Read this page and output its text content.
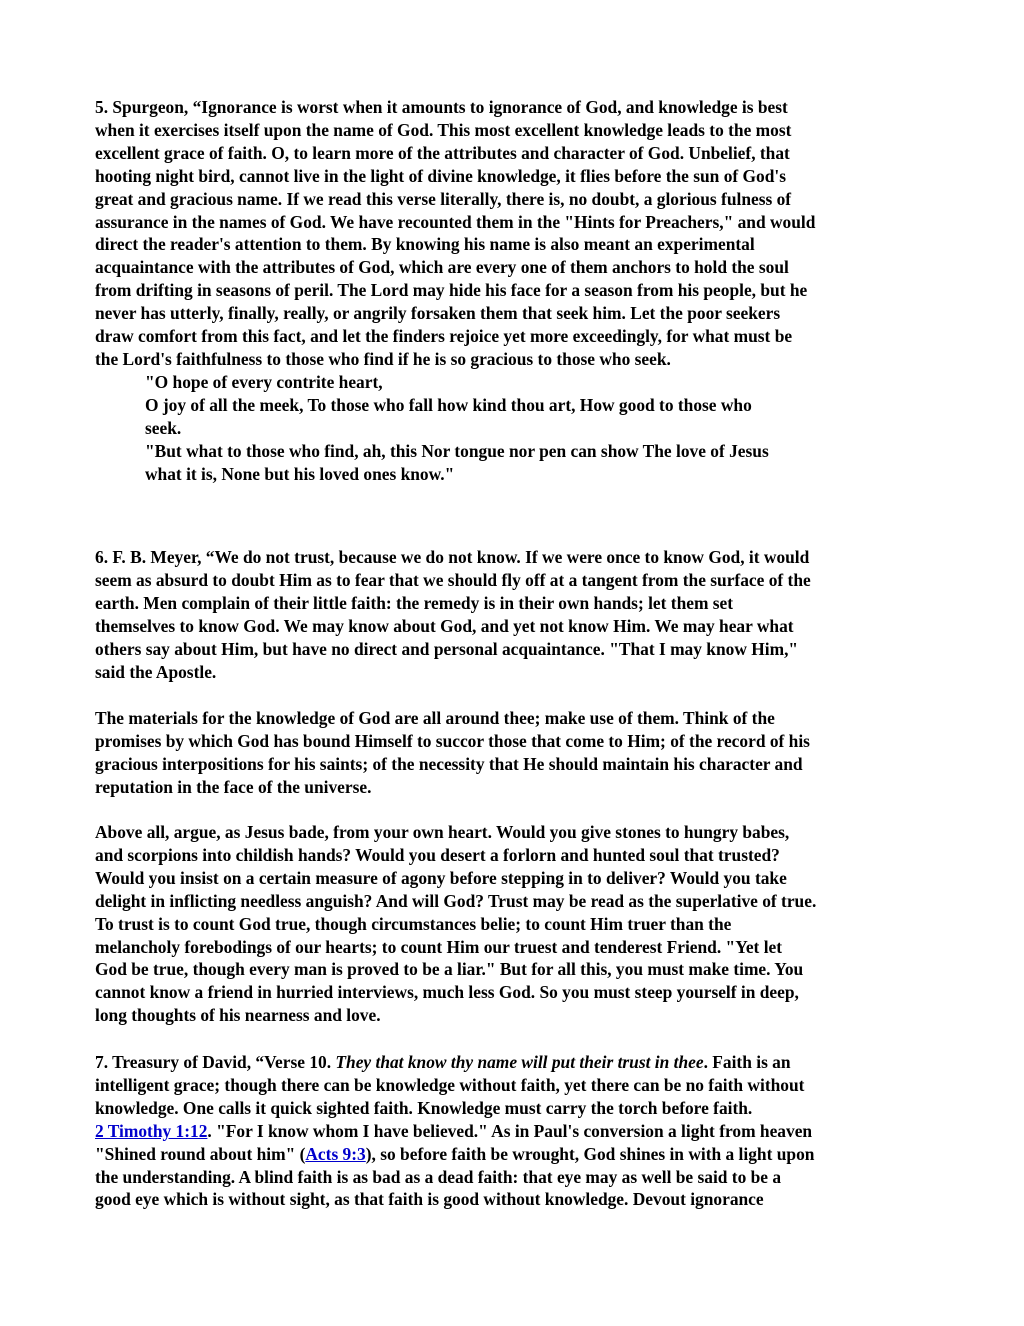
5. Spurgeon, “Ignorance is worst when it amounts to ignorance of God, and knowledge is best
when it exercises itself upon the name of God. This most excellent knowledge leads to the most
excellent grace of faith. O, to learn more of the attributes and character of God. Unbelief, that
hooting night bird, cannot live in the light of divine knowledge, it flies before the sun of God's
great and gracious name. If we read this verse literally, there is, no doubt, a glorious fulness of
assurance in the names of God. We have recounted them in the "Hints for Preachers," and would
direct the reader's attention to them. By knowing his name is also meant an experimental
acquaintance with the attributes of God, which are every one of them anchors to hold the soul
from drifting in seasons of peril. The Lord may hide his face for a season from his people, but he
never has utterly, finally, really, or angrily forsaken them that seek him. Let the poor seekers
draw comfort from this fact, and let the finders rejoice yet more exceedingly, for what must be
the Lord's faithfulness to those who find if he is so gracious to those who seek.
"O hope of every contrite heart,
O joy of all the meek, To those who fall how kind thou art, How good to those who
seek.
"But what to those who find, ah, this Nor tongue nor pen can show The love of Jesus
what it is, None but his loved ones know."
6. F. B. Meyer, “We do not trust, because we do not know. If we were once to know God, it would
seem as absurd to doubt Him as to fear that we should fly off at a tangent from the surface of the
earth. Men complain of their little faith: the remedy is in their own hands; let them set
themselves to know God. We may know about God, and yet not know Him. We may hear what
others say about Him, but have no direct and personal acquaintance. "That I may know Him,"
said the Apostle.
The materials for the knowledge of God are all around thee; make use of them. Think of the
promises by which God has bound Himself to succor those that come to Him; of the record of his
gracious interpositions for his saints; of the necessity that He should maintain his character and
reputation in the face of the universe.
Above all, argue, as Jesus bade, from your own heart. Would you give stones to hungry babes,
and scorpions into childish hands? Would you desert a forlorn and hunted soul that trusted?
Would you insist on a certain measure of agony before stepping in to deliver? Would you take
delight in inflicting needless anguish? And will God? Trust may be read as the superlative of true.
To trust is to count God true, though circumstances belie; to count Him truer than the
melancholy forebodings of our hearts; to count Him our truest and tenderest Friend. "Yet let
God be true, though every man is proved to be a liar." But for all this, you must make time. You
cannot know a friend in hurried interviews, much less God. So you must steep yourself in deep,
long thoughts of his nearness and love.
7. Treasury of David, “Verse 10. They that know thy name will put their trust in thee. Faith is an
intelligent grace; though there can be knowledge without faith, yet there can be no faith without
knowledge. One calls it quick sighted faith. Knowledge must carry the torch before faith.
2 Timothy 1:12. "For I know whom I have believed." As in Paul's conversion a light from heaven
"Shined round about him" (Acts 9:3), so before faith be wrought, God shines in with a light upon
the understanding. A blind faith is as bad as a dead faith: that eye may as well be said to be a
good eye which is without sight, as that faith is good without knowledge. Devout ignorance
